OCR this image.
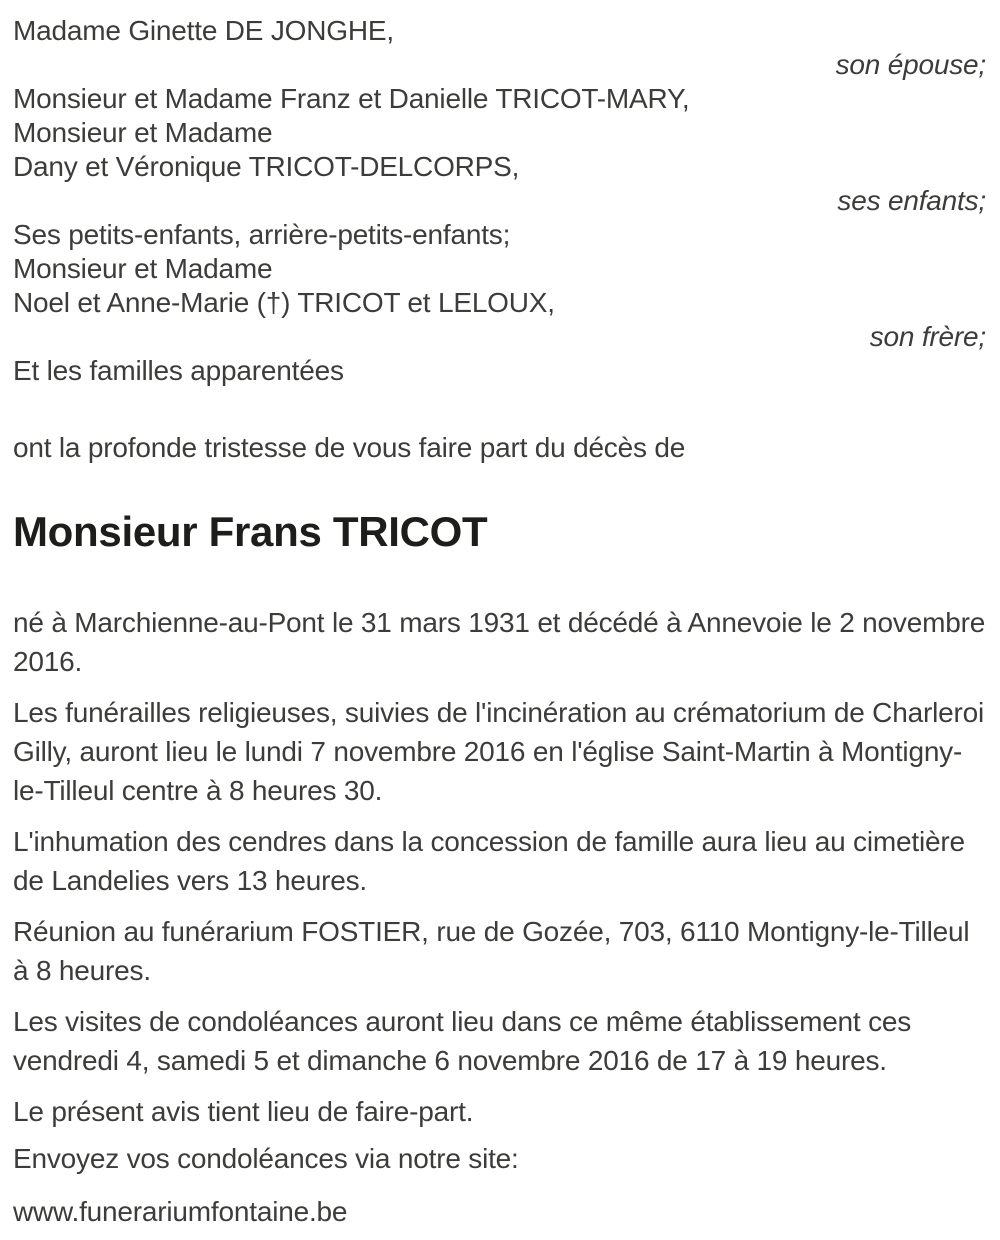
Madame Ginette DE JONGHE,
son épouse;
Monsieur et Madame Franz et Danielle TRICOT-MARY,
Monsieur et Madame
Dany et Véronique TRICOT-DELCORPS,
ses enfants;
Ses petits-enfants, arrière-petits-enfants;
Monsieur et Madame
Noel et Anne-Marie (†) TRICOT et LELOUX,
son frère;
Et les familles apparentées

ont la profonde tristesse de vous faire part du décès de

Monsieur Frans TRICOT

né à Marchienne-au-Pont le 31 mars 1931 et décédé à Annevoie le 2 novembre 2016.

Les funérailles religieuses, suivies de l'incinération au crématorium de Charleroi Gilly, auront lieu le lundi 7 novembre 2016 en l'église Saint-Martin à Montigny-le-Tilleul centre à 8 heures 30.

L'inhumation des cendres dans la concession de famille aura lieu au cimetière de Landelies vers 13 heures.

Réunion au funérarium FOSTIER, rue de Gozée, 703, 6110 Montigny-le-Tilleul à 8 heures.

Les visites de condoléances auront lieu dans ce même établissement ces vendredi 4, samedi 5 et dimanche 6 novembre 2016 de 17 à 19 heures.

Le présent avis tient lieu de faire-part.

Envoyez vos condoléances via notre site:

www.funerariumfontaine.be
